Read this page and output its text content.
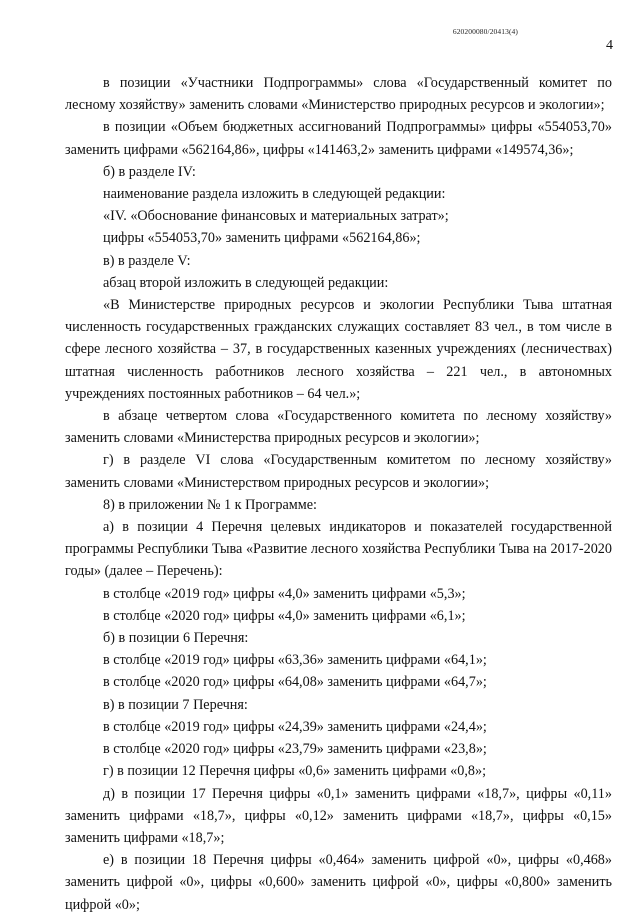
620200080/20413(4)
4

в позиции «Участники Подпрограммы» слова «Государственный комитет по лесному хозяйству» заменить словами «Министерство природных ресурсов и экологии»;

в позиции «Объем бюджетных ассигнований Подпрограммы» цифры «554053,70» заменить цифрами «562164,86», цифры «141463,2» заменить цифрами «149574,36»;

б) в разделе IV:

наименование раздела изложить в следующей редакции:

«IV. «Обоснование финансовых и материальных затрат»;

цифры «554053,70» заменить цифрами «562164,86»;

в) в разделе V:

абзац второй изложить в следующей редакции:

«В Министерстве природных ресурсов и экологии Республики Тыва штатная численность государственных гражданских служащих составляет 83 чел., в том числе в сфере лесного хозяйства – 37, в государственных казенных учреждениях (лесничествах) штатная численность работников лесного хозяйства – 221 чел., в автономных учреждениях постоянных работников – 64 чел.»;

в абзаце четвертом слова «Государственного комитета по лесному хозяйству» заменить словами «Министерства природных ресурсов и экологии»;

г) в разделе VI слова «Государственным комитетом по лесному хозяйству» заменить словами «Министерством природных ресурсов и экологии»;

8) в приложении № 1 к Программе:

а) в позиции 4 Перечня целевых индикаторов и показателей государственной программы Республики Тыва «Развитие лесного хозяйства Республики Тыва на 2017-2020 годы» (далее – Перечень):

в столбце «2019 год» цифры «4,0» заменить цифрами «5,3»;

в столбце «2020 год» цифры «4,0» заменить цифрами «6,1»;

б) в позиции 6 Перечня:

в столбце «2019 год» цифры «63,36» заменить цифрами «64,1»;

в столбце «2020 год» цифры «64,08» заменить цифрами «64,7»;

в) в позиции 7 Перечня:

в столбце «2019 год» цифры «24,39» заменить цифрами «24,4»;

в столбце «2020 год» цифры «23,79» заменить цифрами «23,8»;

г) в позиции 12 Перечня цифры «0,6» заменить цифрами «0,8»;

д) в позиции 17 Перечня цифры «0,1» заменить цифрами «18,7», цифры «0,11» заменить цифрами «18,7», цифры «0,12» заменить цифрами «18,7», цифры «0,15» заменить цифрами «18,7»;

е) в позиции 18 Перечня цифры «0,464» заменить цифрой «0», цифры «0,468» заменить цифрой «0», цифры «0,600» заменить цифрой «0», цифры «0,800» заменить цифрой «0»;
